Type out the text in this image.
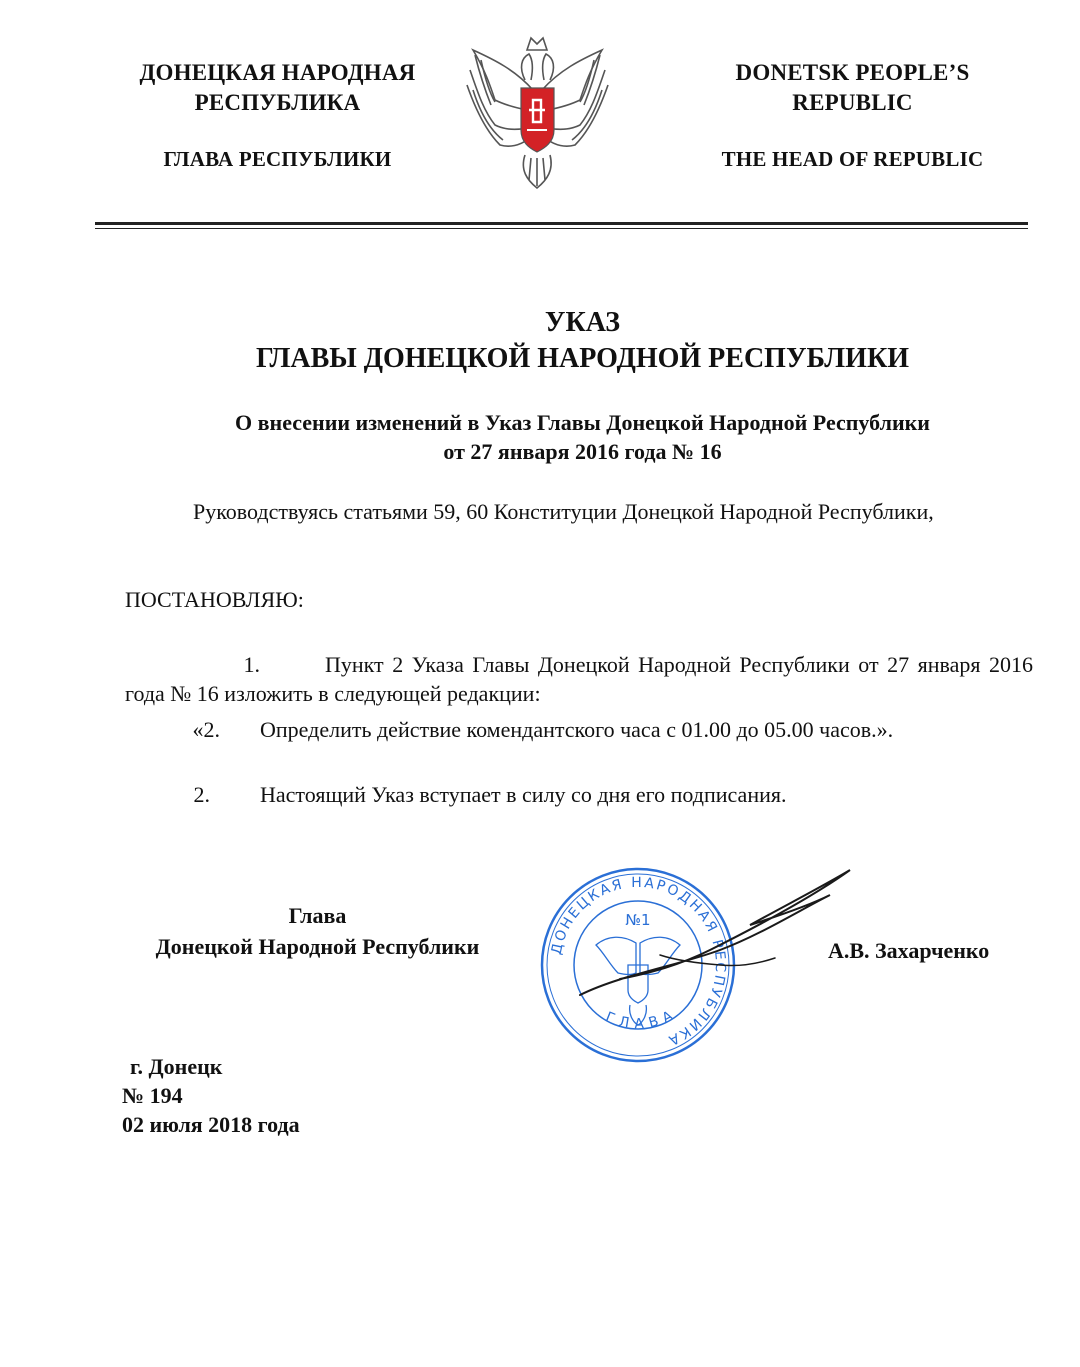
ДОНЕЦКАЯ НАРОДНАЯ
РЕСПУБЛИКА
ГЛАВА РЕСПУБЛИКИ
DONETSK PEOPLE’S
REPUBLIC
THE HEAD OF REPUBLIC
УКАЗ
ГЛАВЫ ДОНЕЦКОЙ НАРОДНОЙ РЕСПУБЛИКИ
О внесении изменений в Указ Главы Донецкой Народной Республики
от 27 января 2016 года № 16
Руководствуясь статьями 59, 60 Конституции Донецкой Народной Республики,
ПОСТАНОВЛЯЮ:
1.	Пункт 2 Указа Главы Донецкой Народной Республики от 27 января 2016 года № 16 изложить в следующей редакции:
«2. Определить действие комендантского часа с 01.00 до 05.00 часов.».
2. Настоящий Указ вступает в силу со дня его подписания.
Глава
Донецкой Народной Республики	ДОНЕЦКАЯ НАРОДНАЯ РЕСПУБЛИКА
ГЛАВА
№1
А.В. Захарченко
г. Донецк
№ 194
02 июля 2018 года
